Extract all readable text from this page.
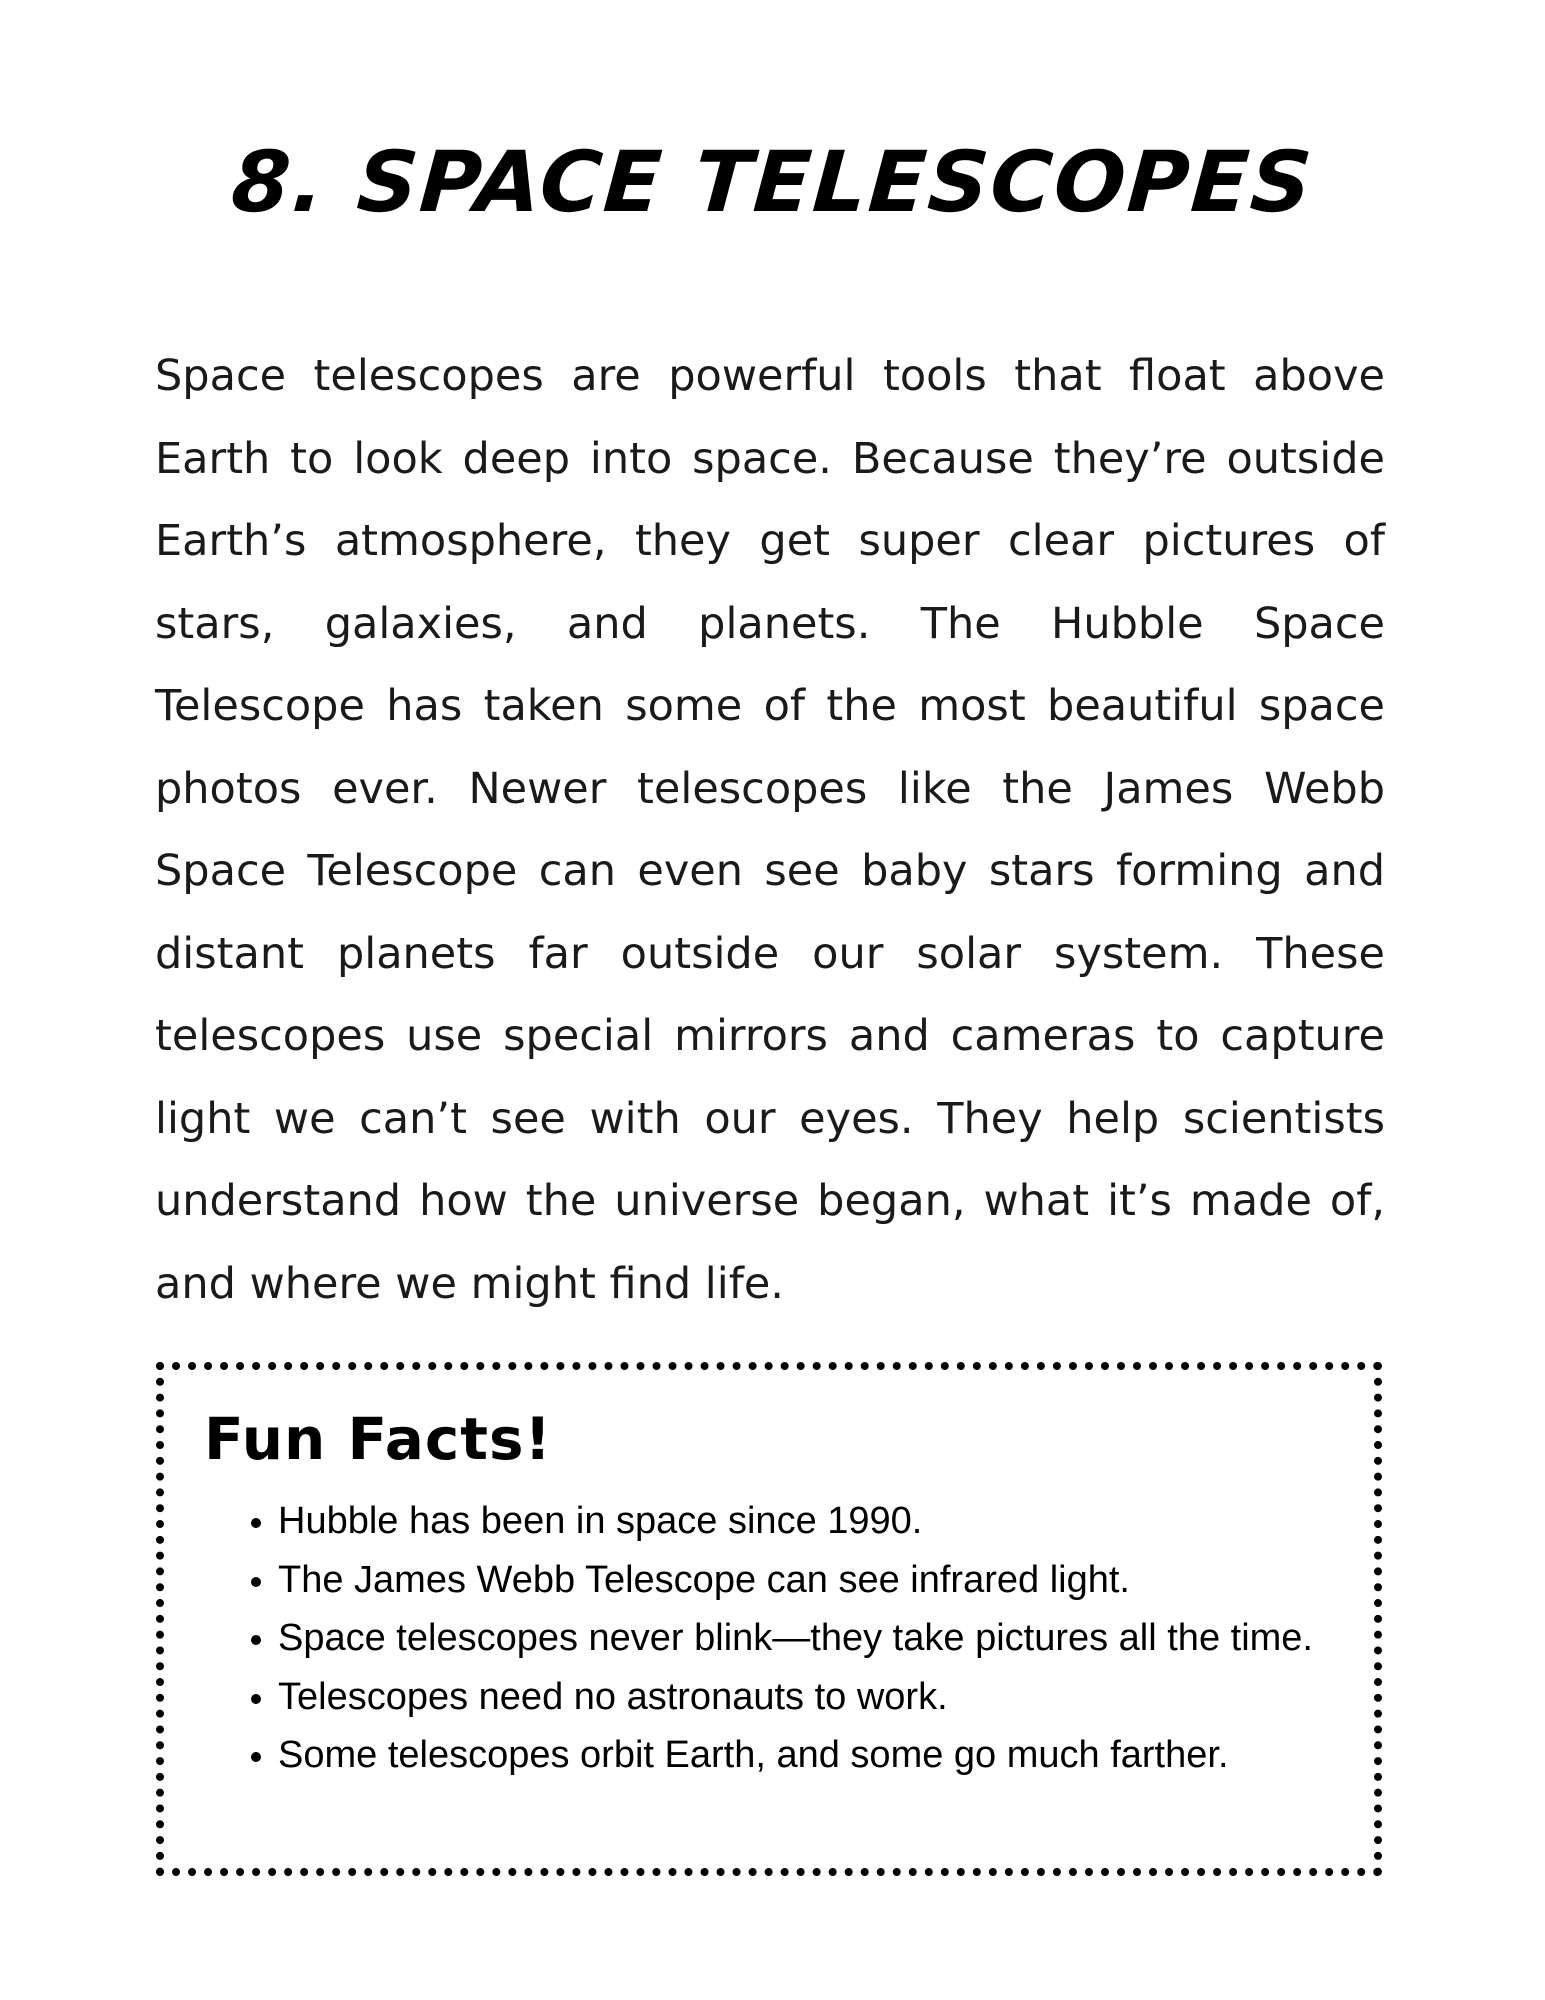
8. SPACE TELESCOPES

Space telescopes are powerful tools that float above Earth to look deep into space. Because they’re outside Earth’s atmosphere, they get super clear pictures of stars, galaxies, and planets. The Hubble Space Telescope has taken some of the most beautiful space photos ever. Newer telescopes like the James Webb Space Telescope can even see baby stars forming and distant planets far outside our solar system. These telescopes use special mirrors and cameras to capture light we can’t see with our eyes. They help scientists understand how the universe began, what it’s made of, and where we might find life.

Fun Facts!
• Hubble has been in space since 1990.
• The James Webb Telescope can see infrared light.
• Space telescopes never blink—they take pictures all the time.
• Telescopes need no astronauts to work.
• Some telescopes orbit Earth, and some go much farther.
